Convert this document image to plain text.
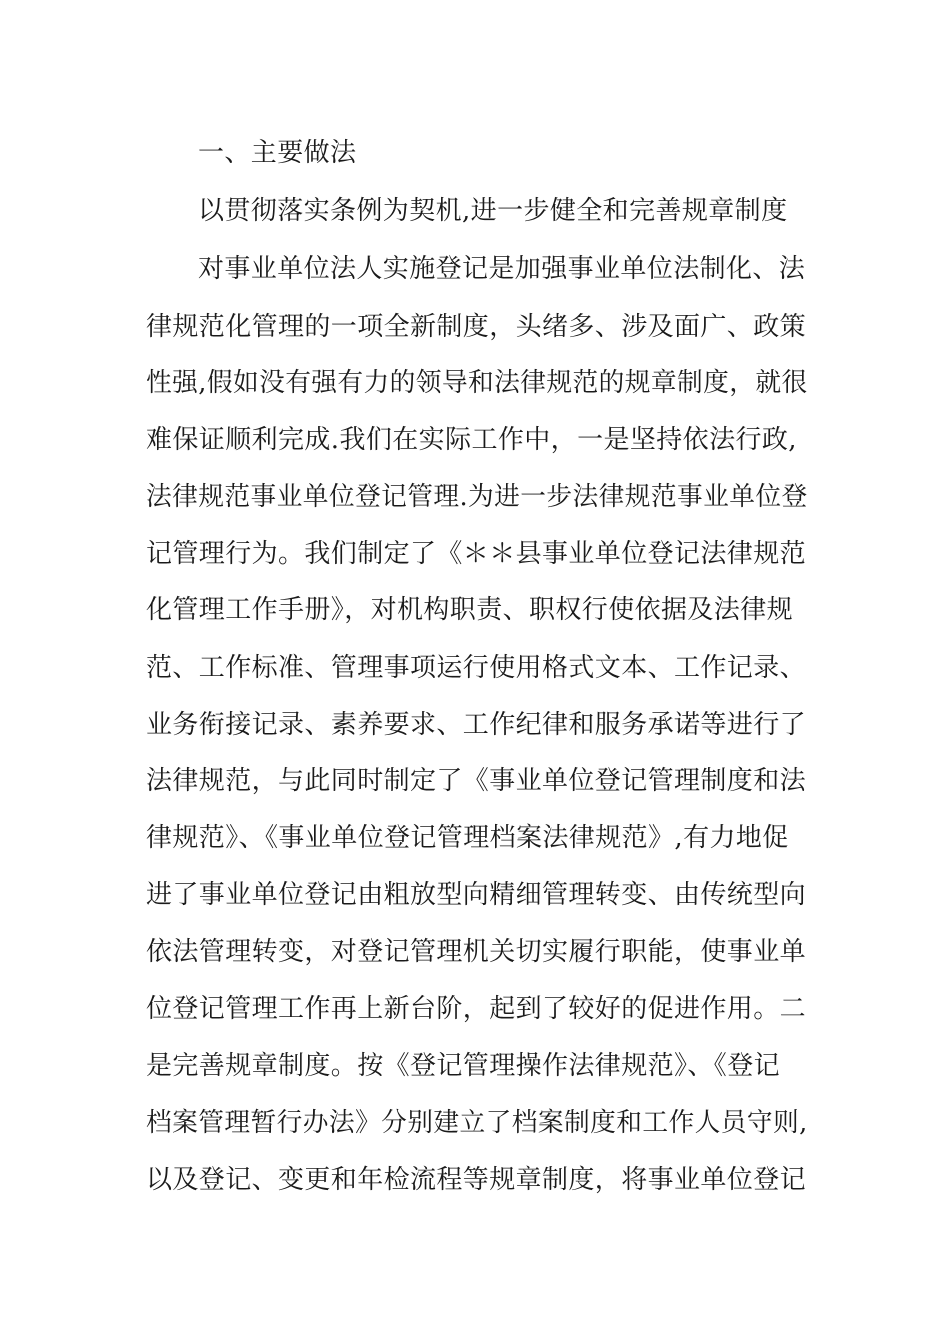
一、主要做法
以贯彻落实条例为契机,进一步健全和完善规章制度
对事业单位法人实施登记是加强事业单位法制化、法
律规范化管理的一项全新制度，头绪多、涉及面广、政策
性强,假如没有强有力的领导和法律规范的规章制度，就很
难保证顺利完成.我们在实际工作中，一是坚持依法行政,
法律规范事业单位登记管理.为进一步法律规范事业单位登
记管理行为。我们制定了《＊＊县事业单位登记法律规范
化管理工作手册》，对机构职责、职权行使依据及法律规
范、工作标准、管理事项运行使用格式文本、工作记录、
业务衔接记录、素养要求、工作纪律和服务承诺等进行了
法律规范，与此同时制定了《事业单位登记管理制度和法
律规范》、《事业单位登记管理档案法律规范》,有力地促
进了事业单位登记由粗放型向精细管理转变、由传统型向
依法管理转变，对登记管理机关切实履行职能，使事业单
位登记管理工作再上新台阶，起到了较好的促进作用。二
是完善规章制度。按《登记管理操作法律规范》、《登记
档案管理暂行办法》分别建立了档案制度和工作人员守则,
以及登记、变更和年检流程等规章制度，将事业单位登记
